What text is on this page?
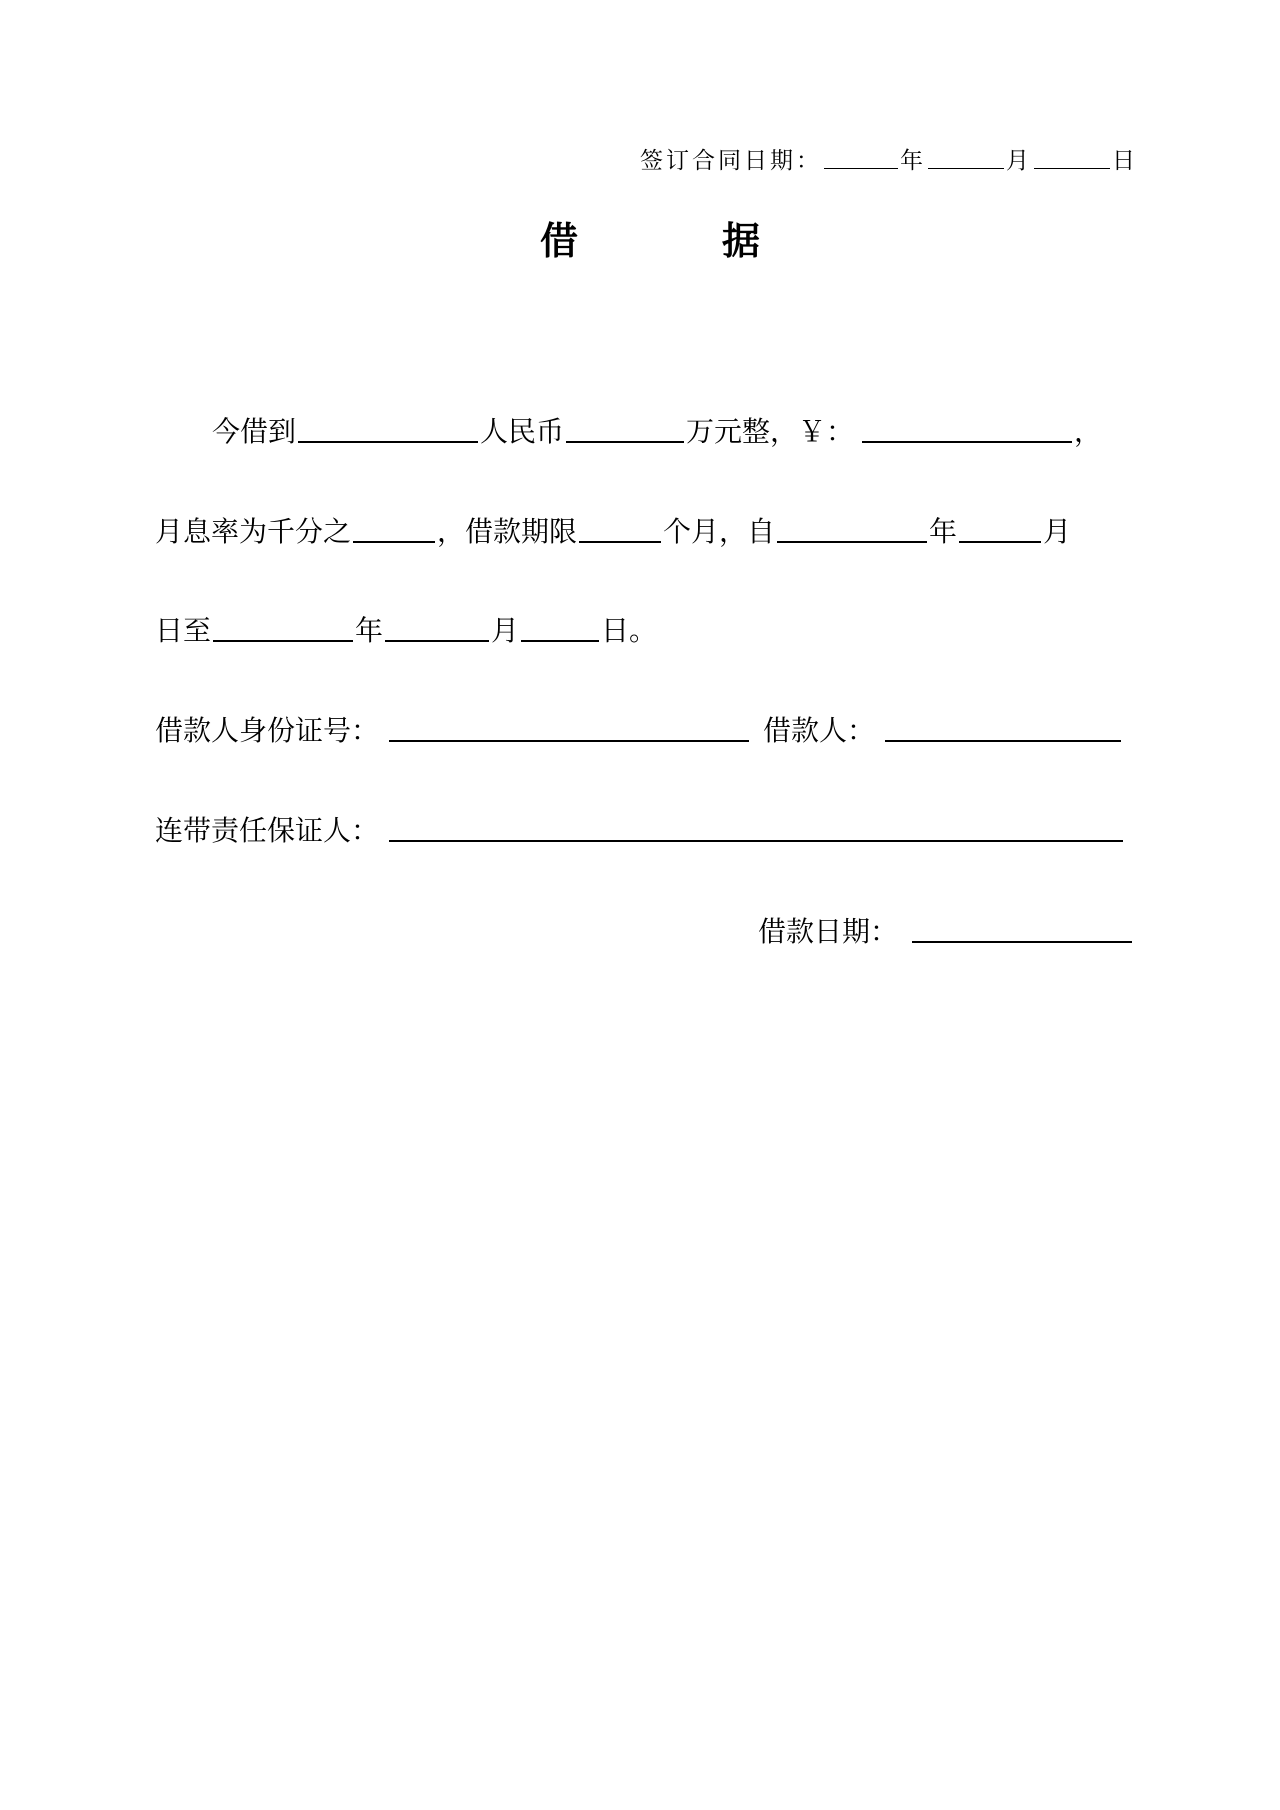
签订合同日期：	年	月	日
借	据
今借到	人民币	万元整，￥：	，
月息率为千分之	，借款期限	个月，自	年	月
日至	年	月	日。
借款人身份证号：	借款人：
连带责任保证人：
借款日期：
